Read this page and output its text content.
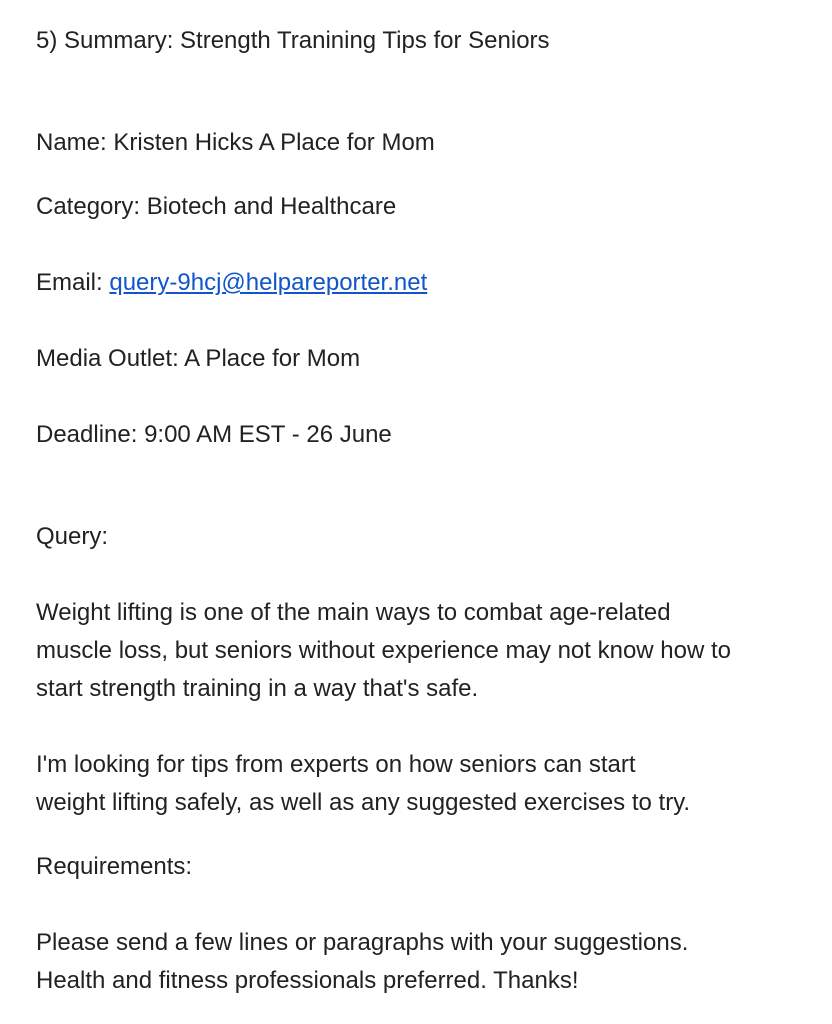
5) Summary: Strength Tranining Tips for Seniors

Name: Kristen Hicks A Place for Mom

Category: Biotech and Healthcare

Email: query-9hcj@helpareporter.net

Media Outlet: A Place for Mom

Deadline: 9:00 AM EST - 26 June

Query:

Weight lifting is one of the main ways to combat age-related
muscle loss, but seniors without experience may not know how to
start strength training in a way that's safe.
I'm looking for tips from experts on how seniors can start
weight lifting safely, as well as any suggested exercises to try.

Requirements:

Please send a few lines or paragraphs with your suggestions.
Health and fitness professionals preferred. Thanks!
